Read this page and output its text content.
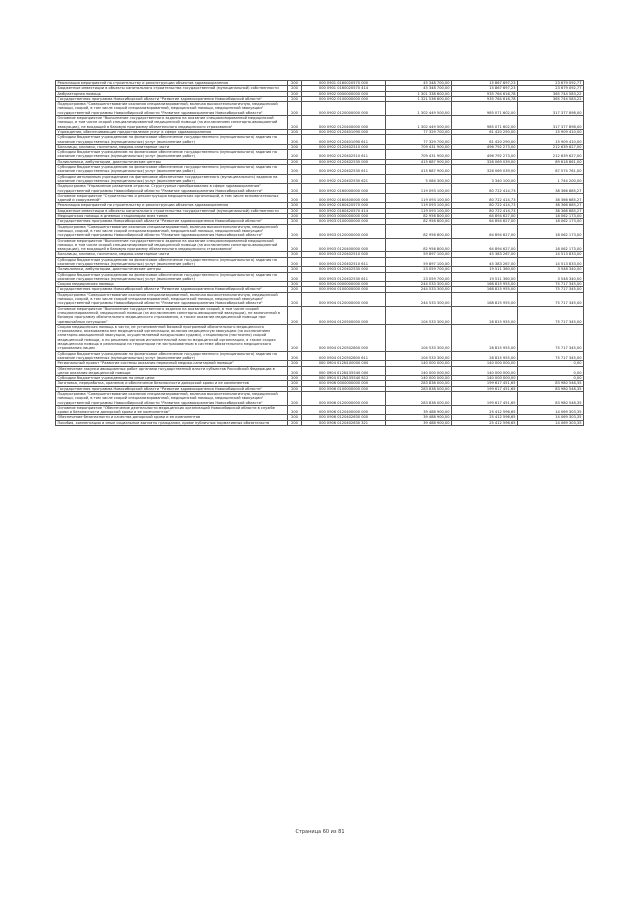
Реализация мероприятий по строительству и реконструкции объектов здравоохранения	200	000 0901 0160020570 000	45 348 700,00	15 867 697,23	23 679 092,77
Бюджетные инвестиции в объекты капитального строительства государственной (муниципальной) собственности	200	000 0901 0160020570 414	45 348 700,00	15 867 697,23	23 679 092,77
Амбулаторная помощь	200	000 0902 0000000000 000	1 301 338 600,00	935 764 616,78	365 744 583,22
Государственная программа Новосибирской области "Развитие здравоохранения Новосибирской области"	200	000 0902 0100000000 000	1 321 536 600,00	935 764 616,78	365 744 583,22
Подпрограмма "Совершенствование оказания специализированной, включая высокотехнологичную, медицинской помощи, скорой, в том числе скорой специализированной, медицинской помощи, медицинской эвакуации" государственной программы Новосибирской области "Развитие здравоохранения Новосибирской области"	200	000 0902 0120000000 000	1 302 449 500,00	985 071 602,00	317 377 898,00
Основное мероприятие "Выполнение государственного задания на оказание специализированной медицинской помощи, в том числе скорой специализированной медицинской помощи (за исключением санитарно-авиационной эвакуации), не входящей в базовую программу обязательного медицинского страхования"	200	000 0902 0120400000 000	1 302 449 500,00	985 071 602,00	317 377 898,00
Учреждения, обеспечивающие предоставление услуг в сфере здравоохранения	200	000 0902 0120401090 000	77 329 700,00	61 420 290,00	15 909 410,00
Субсидии бюджетным учреждениям на финансовое обеспечение государственного (муниципального) задания на оказание государственных (муниципальных) услуг (выполнение работ)	200	000 0902 0120401090 611	77 329 700,00	61 420 290,00	15 909 410,00
Больницы, клиники, госпитали, медико-санитарные части	200	000 0902 0120402510 000	709 431 900,00	496 792 273,00	212 639 627,00
Субсидии бюджетным учреждениям на финансовое обеспечение государственного (муниципального) задания на оказание государственных (муниципальных) услуг (выполнение работ)	200	000 0902 0120402510 611	709 431 900,00	496 792 273,00	212 639 627,00
Поликлиники, амбулатории, диагностические центры	200	000 0902 0120402530 000	415 687 900,00	326 069 039,00	89 618 861,00
Субсидии бюджетным учреждениям на финансовое обеспечение государственного (муниципального) задания на оказание государственных (муниципальных) услуг (выполнение работ)	200	000 0902 0120402530 611	415 687 900,00	326 069 039,00	87 574 761,00
Субсидии автономным учреждениям на финансовое обеспечение государственного (муниципального) задания на оказание государственных (муниципальных) услуг (выполнение работ)	200	000 0902 0120402530 621	5 084 300,00	3 340 100,00	1 744 200,00
Подпрограмма "Управление развитием отрасли. Структурные преобразования в сфере здравоохранения" государственной программы Новосибирской области "Развитие здравоохранения Новосибирской области"	200	000 0902 0160000000 000	119 093 100,00	80 722 414,73	38 366 685,27
Основное мероприятие "Строительство и реконструкция медицинских организаций, в том числе вспомогательных зданий и сооружений"	200	000 0902 0160400000 000	119 093 100,00	80 722 414,73	38 366 685,27
Реализация мероприятий по строительству и реконструкции объектов здравоохранения	200	000 0902 0160420570 000	119 093 100,00	80 722 414,73	38 366 685,27
Бюджетные инвестиции в объекты капитального строительства государственной (муниципальной) собственности	200	000 0902 0160420570 414	119 093 100,00	80 722 414,73	38 366 685,27
Медицинская помощь в дневных стационарах всех типов	200	000 0903 0000000000 000	82 956 800,00	64 894 627,00	18 062 173,00
Государственная программа Новосибирской области "Развитие здравоохранения Новосибирской области"	200	000 0903 0100000000 000	82 956 800,00	64 894 627,00	18 062 173,00
Подпрограмма "Совершенствование оказания специализированной, включая высокотехнологичную, медицинской помощи, скорой, в том числе скорой специализированной, медицинской помощи, медицинской эвакуации" государственной программы Новосибирской области "Развитие здравоохранения Новосибирской области"	200	000 0903 0120000000 000	82 956 800,00	64 894 627,00	18 062 173,00
Основное мероприятие "Выполнение государственного задания на оказание специализированной медицинской помощи, в том числе скорой специализированной медицинской помощи (за исключением санитарно-авиационной эвакуации), не входящей в базовую программу обязательного медицинского страхования"	200	000 0903 0120400000 000	82 956 800,00	64 894 627,00	18 062 173,00
Больницы, клиники, госпитали, медико-санитарные части	200	000 0903 0120402510 000	59 897 100,00	45 383 267,00	14 513 833,00
Субсидии бюджетным учреждениям на финансовое обеспечение государственного (муниципального) задания на оказание государственных (муниципальных) услуг (выполнение работ)	200	000 0903 0120402510 611	59 897 100,00	45 383 267,00	14 513 833,00
Поликлиники, амбулатории, диагностические центры	200	000 0903 0120402530 000	23 059 700,00	19 511 360,00	3 548 340,00
Субсидии бюджетным учреждениям на финансовое обеспечение государственного (муниципального) задания на оказание государственных (муниципальных) услуг (выполнение работ)	200	000 0903 0120402530 611	23 059 700,00	19 511 360,00	3 548 340,00
Скорая медицинская помощь	200	000 0904 0000000000 000	244 533 300,00	168 815 955,00	75 717 345,00
Государственная программа Новосибирской области "Развитие здравоохранения Новосибирской области"	200	000 0904 0100000000 000	244 533 300,00	168 815 955,00	75 717 345,00
Подпрограмма "Совершенствование оказания специализированной, включая высокотехнологичную, медицинской помощи, скорой, в том числе скорой специализированной, медицинской помощи, медицинской эвакуации" государственной программы Новосибирской области "Развитие здравоохранения Новосибирской области"	200	000 0904 0120000000 000	244 533 300,00	168 815 955,00	75 717 345,00
Основное мероприятие "Выполнение государственного задания на оказание скорой, в том числе скорой специализированной, медицинской помощи (за исключением санитарно-авиационной эвакуации), не включенной в базовую программу обязательного медицинского страхования, а также оказание медицинской помощи при чрезвычайных ситуациях"	200	000 0904 0120500000 000	104 533 300,00	28 815 955,00	75 717 345,00
Скорая медицинская помощь в части, не установленной базовой программой обязательного медицинского страхования, оказываемая вне медицинской организации, включая медицинскую эвакуацию (за исключением санитарно-авиационной эвакуации, осуществляемой воздушными судами), стационарно (постоянно) скорой медицинской помощи, а по решению органов исполнительной власти медицинской организации, а также скорая медицинская помощь в реализации на территории не застрахованным в системе обязательного медицинского страхования лицам	200	000 0904 0120502800 000	104 533 300,00	28 815 955,00	75 717 345,00
Субсидии бюджетным учреждениям на финансовое обеспечение государственного (муниципального) задания на оказание государственных (муниципальных) услуг (выполнение работ)	200	000 0904 0120502800 611	104 533 300,00	28 815 955,00	75 717 345,00
Региональный проект "Развитие системы оказания первичной медико-санитарной помощи"	200	000 0904 012N100000 000	140 000 000,00	140 000 000,00	0,00
Обеспечение закупки авиационных работ органами государственной власти субъектов Российской Федерации в целях оказания медицинской помощи	200	000 0904 012N155540 000	140 000 000,00	140 000 000,00	0,00
Субсидии бюджетным учреждениям на иные цели	200	000 0904 012N155540 612	140 000 000,00	140 000 000,00	0,00
Заготовка, переработка, хранение и обеспечение безопасности донорской крови и ее компонентов	200	000 0906 0000000000 000	283 838 000,00	199 617 451,65	83 980 548,35
Государственная программа Новосибирской области "Развитие здравоохранения Новосибирской области"	200	000 0906 0100000000 000	283 838 000,00	199 617 451,65	83 980 548,35
Подпрограмма "Совершенствование оказания специализированной, включая высокотехнологичную, медицинской помощи, скорой, в том числе скорой специализированной, медицинской помощи, медицинской эвакуации" государственной программы Новосибирской области "Развитие здравоохранения Новосибирской области"	200	000 0906 0120000000 000	283 838 000,00	199 617 451,65	83 980 548,35
Основное мероприятие "Обеспечение деятельности медицинских организаций Новосибирской области в службе крови и безопасности донорской крови и ее компонентов"	200	000 0906 0120400000 000	39 488 900,00	25 412 596,65	14 069 303,35
Обеспечение безопасности и качества донорской крови и ее компонентов	200	000 0906 0120402630 000	39 488 900,00	25 412 596,65	14 069 303,35
Пособия, компенсации и иные социальные выплаты гражданам, кроме публичных нормативных обязательств	200	000 0906 0120402630 321	39 488 900,00	25 412 596,65	14 069 303,35
Страница 60 из 81
